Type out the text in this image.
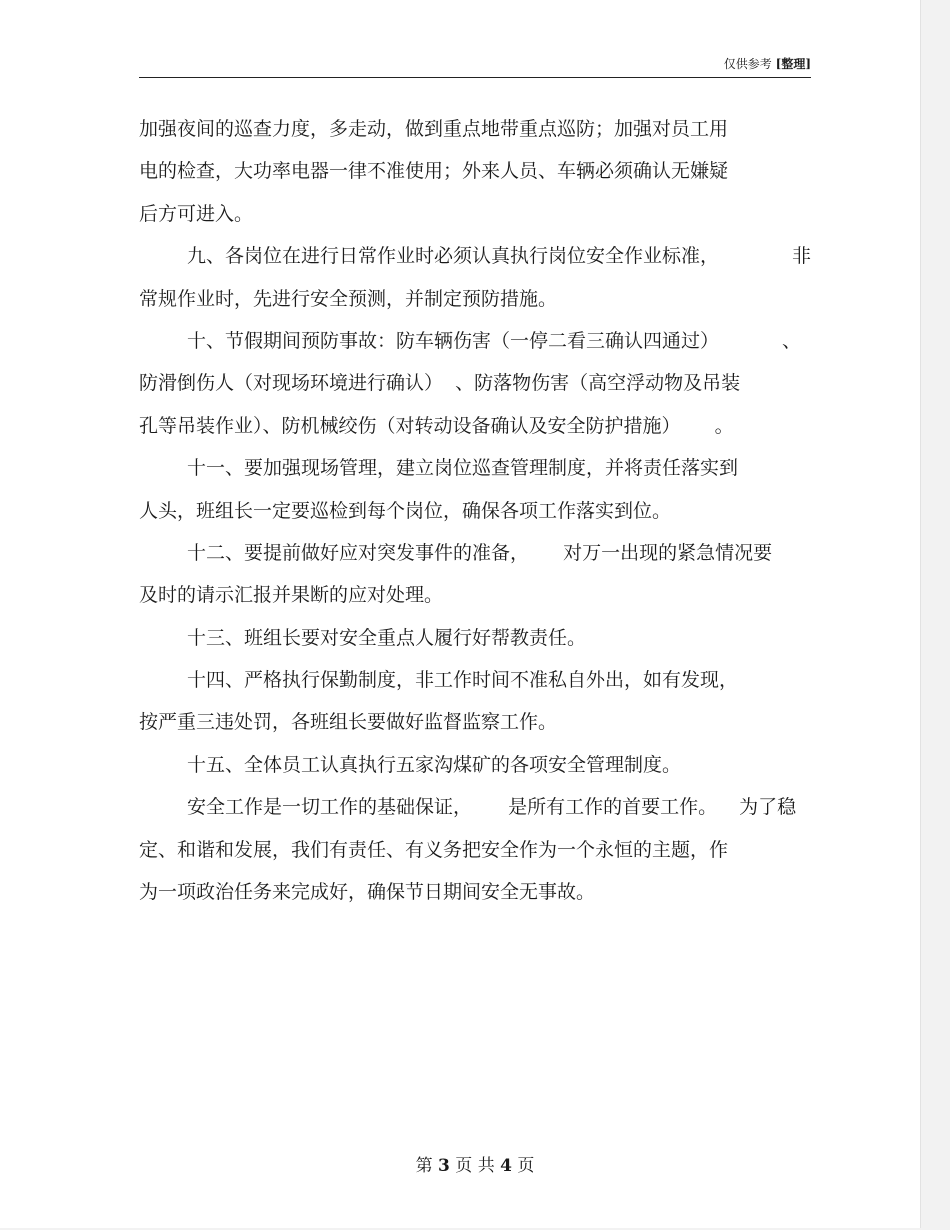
仅供参考 [整理]
加强夜间的巡查力度，多走动，做到重点地带重点巡防；加强对员工用
电的检查，大功率电器一律不准使用；外来人员、车辆必须确认无嫌疑
后方可进入。
九、各岗位在进行日常作业时必须认真执行岗位安全作业标准，	非
常规作业时，先进行安全预测，并制定预防措施。
十、节假期间预防事故：防车辆伤害（一停二看三确认四通过）	、
防滑倒伤人（对现场环境进行确认）  、防落物伤害（高空浮动物及吊装
孔等吊装作业）、防机械绞伤（对转动设备确认及安全防护措施） 。
十一、要加强现场管理，建立岗位巡查管理制度，并将责任落实到
人头，班组长一定要巡检到每个岗位，确保各项工作落实到位。
十二、要提前做好应对突发事件的准备， 对万一出现的紧急情况要
及时的请示汇报并果断的应对处理。
十三、班组长要对安全重点人履行好帮教责任。
十四、严格执行保勤制度，非工作时间不准私自外出，如有发现，
按严重三违处罚，各班组长要做好监督监察工作。
十五、全体员工认真执行五家沟煤矿的各项安全管理制度。
安全工作是一切工作的基础保证， 是所有工作的首要工作。 为了稳
定、和谐和发展，我们有责任、有义务把安全作为一个永恒的主题，作
为一项政治任务来完成好，确保节日期间安全无事故。
第 3 页 共 4 页
